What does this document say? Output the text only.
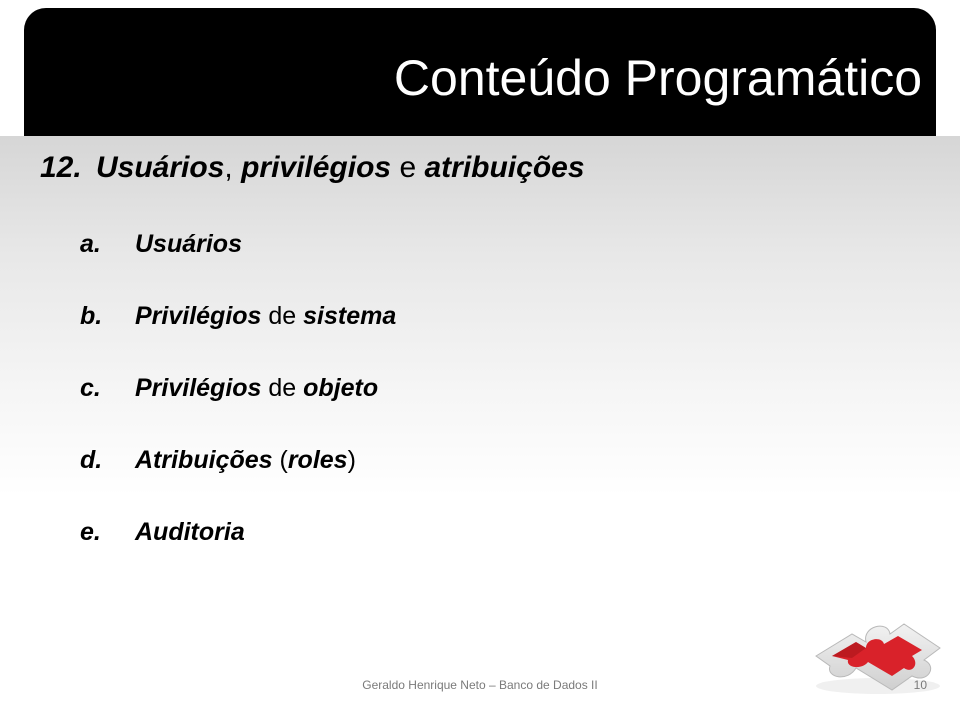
Conteúdo Programático
12. Usuários, privilégios e atribuições
a. Usuários
b. Privilégios de sistema
c. Privilégios de objeto
d. Atribuições (roles)
e. Auditoria
Geraldo Henrique Neto – Banco de Dados II	10
